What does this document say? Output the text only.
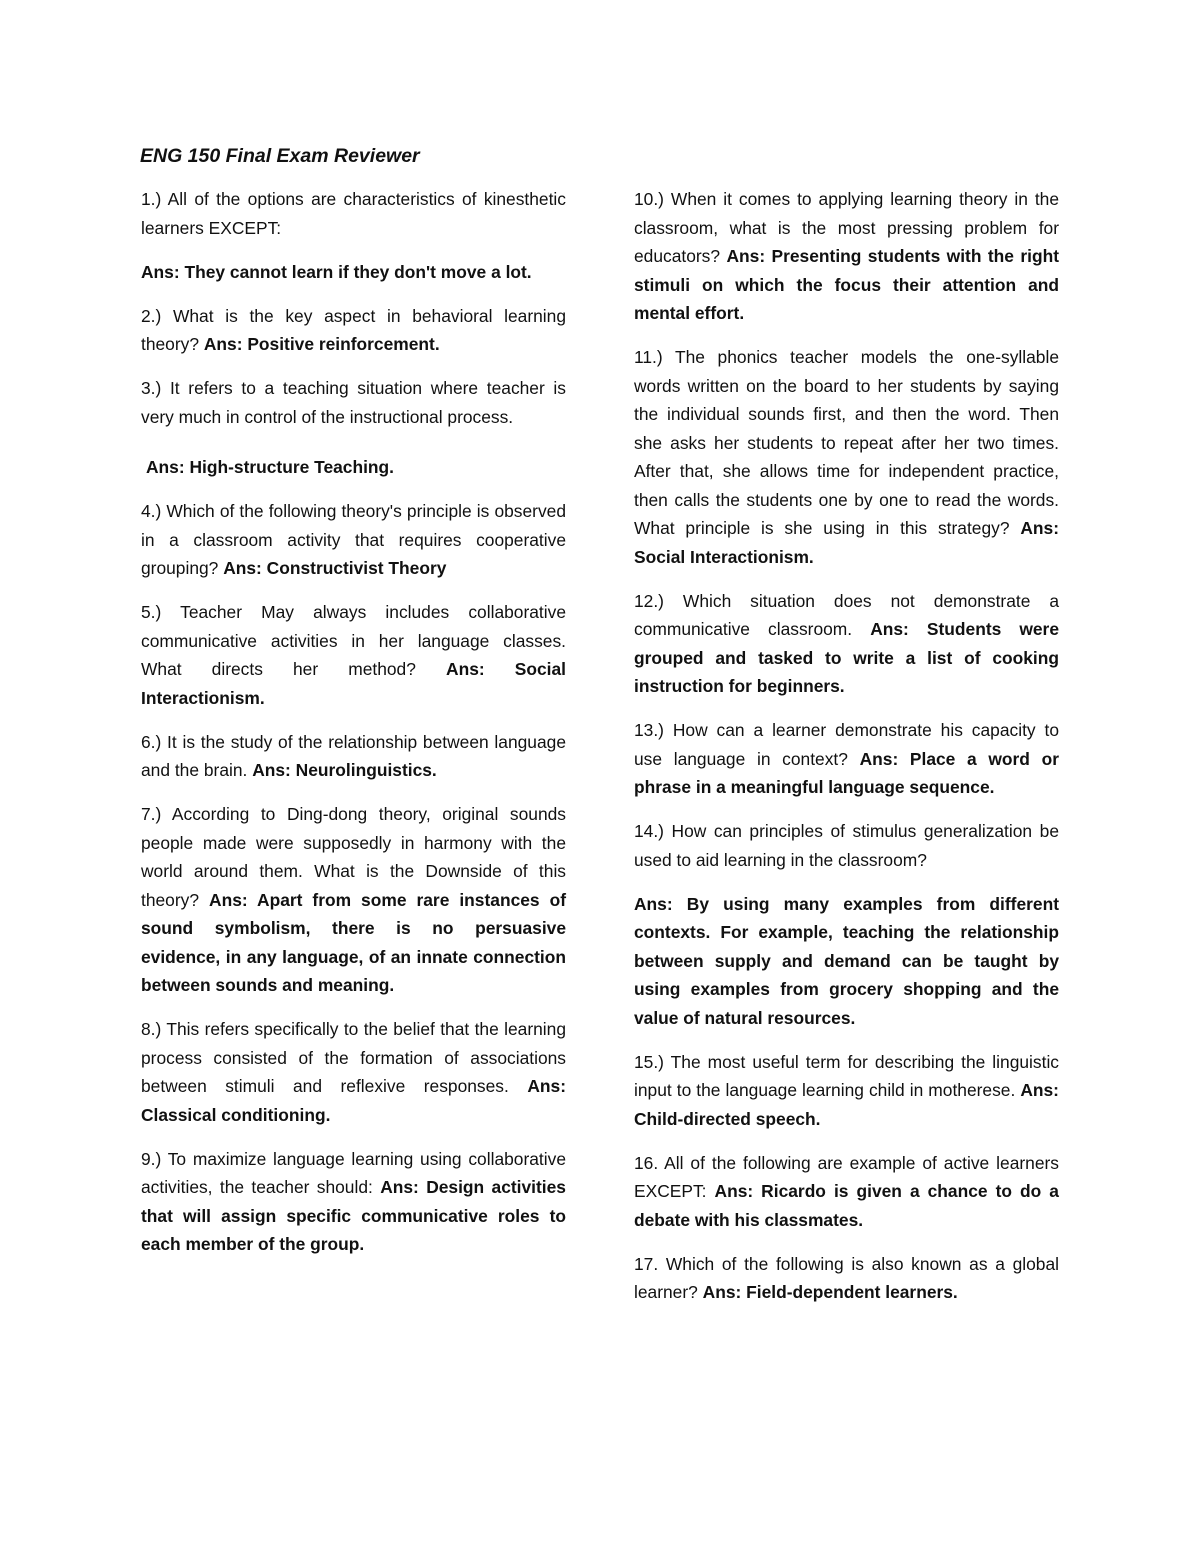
ENG 150 Final Exam Reviewer

1.) All of the options are characteristics of kinesthetic learners EXCEPT:

Ans: They cannot learn if they don't move a lot.

2.) What is the key aspect in behavioral learning theory? Ans: Positive reinforcement.

3.) It refers to a teaching situation where teacher is very much in control of the instructional process.

Ans: High-structure Teaching.

4.) Which of the following theory's principle is observed in a classroom activity that requires cooperative grouping? Ans: Constructivist Theory

5.) Teacher May always includes collaborative communicative activities in her language classes. What directs her method? Ans: Social Interactionism.

6.) It is the study of the relationship between language and the brain. Ans: Neurolinguistics.

7.) According to Ding-dong theory, original sounds people made were supposedly in harmony with the world around them. What is the Downside of this theory? Ans: Apart from some rare instances of sound symbolism, there is no persuasive evidence, in any language, of an innate connection between sounds and meaning.

8.) This refers specifically to the belief that the learning process consisted of the formation of associations between stimuli and reflexive responses. Ans: Classical conditioning.

9.) To maximize language learning using collaborative activities, the teacher should: Ans: Design activities that will assign specific communicative roles to each member of the group.

10.) When it comes to applying learning theory in the classroom, what is the most pressing problem for educators? Ans: Presenting students with the right stimuli on which the focus their attention and mental effort.

11.) The phonics teacher models the one-syllable words written on the board to her students by saying the individual sounds first, and then the word. Then she asks her students to repeat after her two times. After that, she allows time for independent practice, then calls the students one by one to read the words. What principle is she using in this strategy? Ans: Social Interactionism.

12.) Which situation does not demonstrate a communicative classroom. Ans: Students were grouped and tasked to write a list of cooking instruction for beginners.

13.) How can a learner demonstrate his capacity to use language in context? Ans: Place a word or phrase in a meaningful language sequence.

14.) How can principles of stimulus generalization be used to aid learning in the classroom?

Ans: By using many examples from different contexts. For example, teaching the relationship between supply and demand can be taught by using examples from grocery shopping and the value of natural resources.

15.) The most useful term for describing the linguistic input to the language learning child in motherese. Ans: Child-directed speech.

16. All of the following are example of active learners EXCEPT: Ans: Ricardo is given a chance to do a debate with his classmates.

17. Which of the following is also known as a global learner? Ans: Field-dependent learners.
